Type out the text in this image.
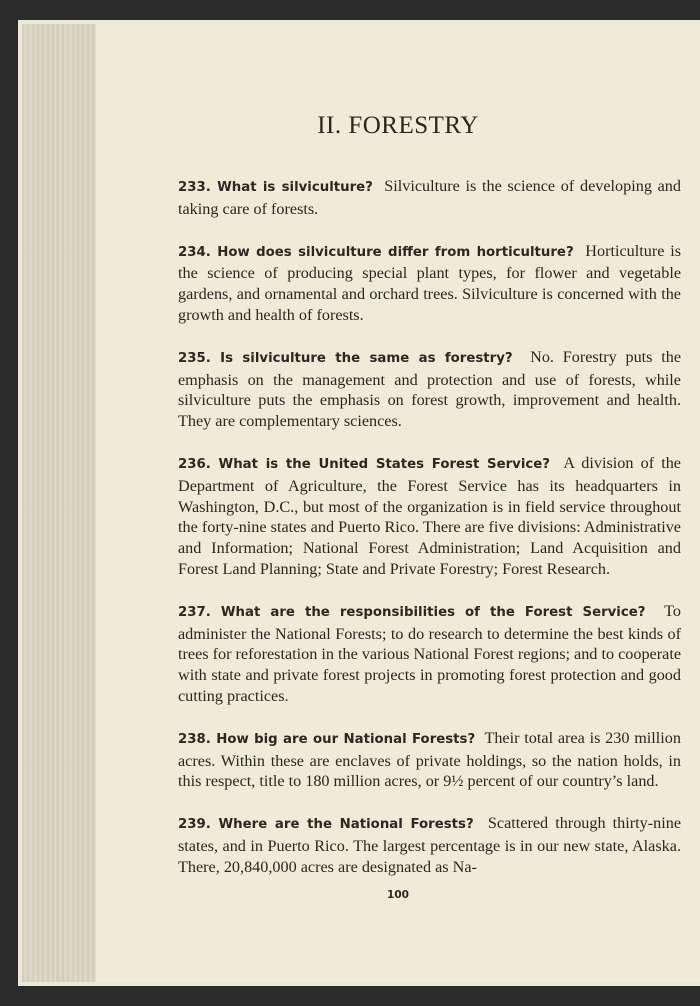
II. FORESTRY

233. What is silviculture? Silviculture is the science of developing and taking care of forests.

234. How does silviculture differ from horticulture? Horticulture is the science of producing special plant types, for flower and vegetable gardens, and ornamental and orchard trees. Silviculture is concerned with the growth and health of forests.

235. Is silviculture the same as forestry? No. Forestry puts the emphasis on the management and protection and use of forests, while silviculture puts the emphasis on forest growth, improvement and health. They are complementary sciences.

236. What is the United States Forest Service? A division of the Department of Agriculture, the Forest Service has its headquarters in Washington, D.C., but most of the organization is in field service throughout the forty-nine states and Puerto Rico. There are five divisions: Administrative and Information; National Forest Administration; Land Acquisition and Forest Land Planning; State and Private Forestry; Forest Research.

237. What are the responsibilities of the Forest Service? To administer the National Forests; to do research to determine the best kinds of trees for reforestation in the various National Forest regions; and to cooperate with state and private forest projects in promoting forest protection and good cutting practices.

238. How big are our National Forests? Their total area is 230 million acres. Within these are enclaves of private holdings, so the nation holds, in this respect, title to 180 million acres, or 9½ percent of our country’s land.

239. Where are the National Forests? Scattered through thirty-nine states, and in Puerto Rico. The largest percentage is in our new state, Alaska. There, 20,840,000 acres are designated as Na-

100
